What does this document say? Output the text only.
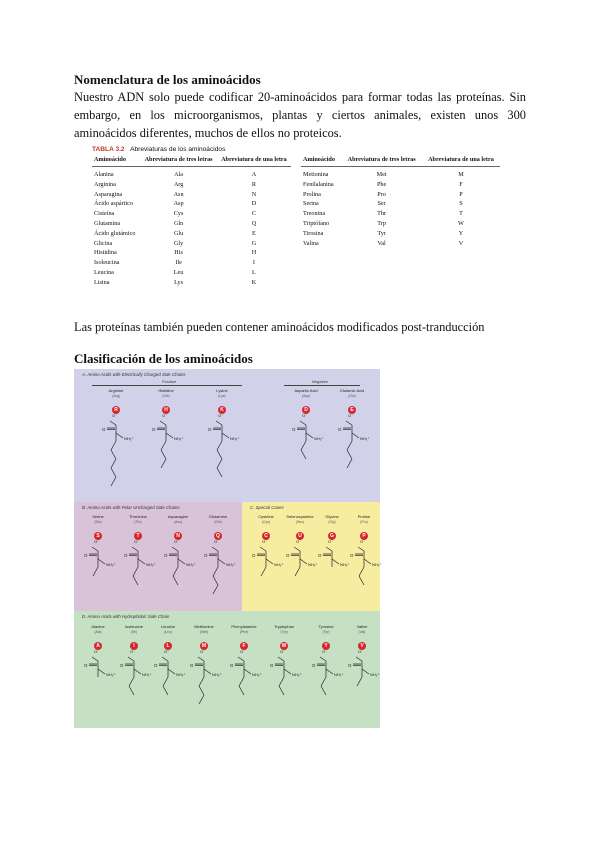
Nomenclatura de los aminoácidos

Nuestro ADN solo puede codificar 20-aminoácidos para formar todas las proteínas. Sin embargo, en los microorganismos, plantas y ciertos animales, existen unos 300 aminoácidos diferentes, muchos de ellos no proteicos.

TABLA 3.2 Abreviaturas de los aminoácidos
Aminoácido	Abreviatura de tres letras	Abreviatura de una letra
Alanina	Ala	A
Arginina	Arg	R
Asparagina	Asn	N
Ácido aspártico	Asp	D
Cisteína	Cys	C
Glutamina	Gln	Q
Ácido glutámico	Glu	E
Glicina	Gly	G
Histidina	His	H
Isoleucina	Ile	I
Leucina	Leu	L
Lisina	Lys	K
Aminoácido	Abreviatura de tres letras	Abreviatura de una letra
Metionina	Met	M
Fenilalanina	Phe	F
Prolina	Pro	P
Serina	Ser	S
Treonina	Thr	T
Triptófano	Trp	W
Tirosina	Tyr	Y
Valina	Val	V
Las proteínas también pueden contener aminoácidos modificados post-tranducción
Clasificación de los aminoácidos
A. Amino Acids with Electrically Charged Side Chains
Positive	Negative
B. Amino Acids with Polar Uncharged Side Chains	C. Special Cases
D. Amino Acids with Hydrophobic Side Chain
Arginine
(Arg)
R
Histidine
(His)
H
Lysine
(Lys)
K
Aspartic Acid
(Asp)
D
Glutamic Acid
(Glu)
E
Serine
(Ser)
S
Threonine
(Thr)
T
Asparagine
(Asn)
N
Glutamine
(Gln)
Q
Cysteine
(Cys)
C
Selenocysteine
(Sec)
U
Glycine
(Gly)
G
Proline
(Pro)
P
Alanine
(Ala)
A
Isoleucine
(Ile)
I
Leucine
(Leu)
L
Methionine
(Met)
M
Phenylalanine
(Phe)
F
Tryptophan
(Trp)
W
Tyrosine
(Tyr)
Y
Valine
(Val)
V
O⁻
O
NH₃⁺
O⁻
O
NH₃⁺
O⁻
O
NH₃⁺
O⁻
O
NH₃⁺
O⁻
O
NH₃⁺
O⁻
O
NH₃⁺
O⁻
O
NH₃⁺
O⁻
O
NH₃⁺
O⁻
O
NH₃⁺
O⁻
O
NH₃⁺
O⁻
O
NH₃⁺
O⁻
O
NH₃⁺
O⁻
O
NH₃⁺
O⁻
O
NH₃⁺
O⁻
O
NH₃⁺
O⁻
O
NH₃⁺
O⁻
O
NH₃⁺
O⁻
O
NH₃⁺
O⁻
O
NH₃⁺
O⁻
O
NH₃⁺
O⁻
O
NH₃⁺
